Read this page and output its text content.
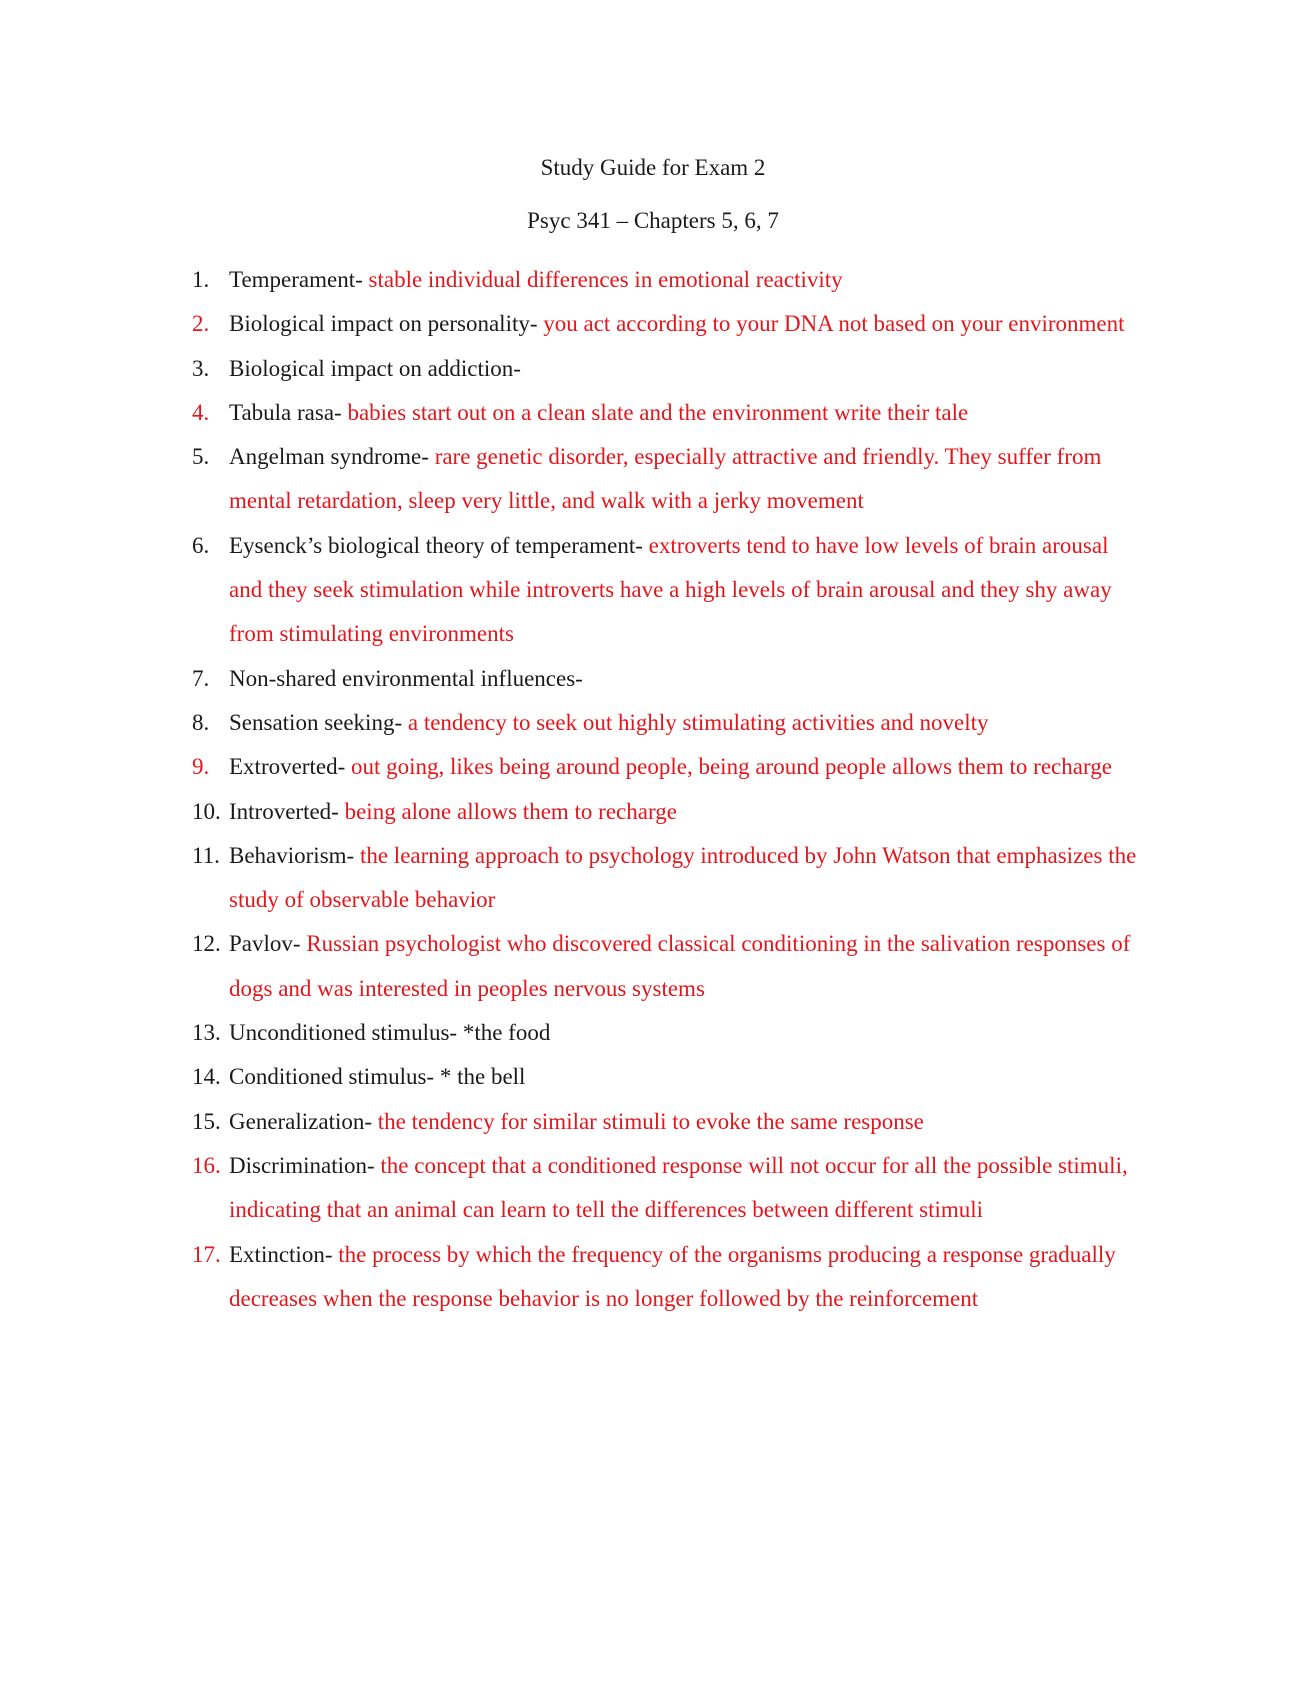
Study Guide for Exam 2
Psyc 341 – Chapters 5, 6, 7
1. Temperament- stable individual differences in emotional reactivity
2. Biological impact on personality- you act according to your DNA not based on your environment
3. Biological impact on addiction-
4. Tabula rasa- babies start out on a clean slate and the environment write their tale
5. Angelman syndrome- rare genetic disorder, especially attractive and friendly. They suffer from mental retardation, sleep very little, and walk with a jerky movement
6. Eysenck’s biological theory of temperament- extroverts tend to have low levels of brain arousal and they seek stimulation while introverts have a high levels of brain arousal and they shy away from stimulating environments
7. Non-shared environmental influences-
8. Sensation seeking- a tendency to seek out highly stimulating activities and novelty
9. Extroverted- out going, likes being around people, being around people allows them to recharge
10. Introverted- being alone allows them to recharge
11. Behaviorism- the learning approach to psychology introduced by John Watson that emphasizes the study of observable behavior
12. Pavlov- Russian psychologist who discovered classical conditioning in the salivation responses of dogs and was interested in peoples nervous systems
13. Unconditioned stimulus- *the food
14. Conditioned stimulus- * the bell
15. Generalization- the tendency for similar stimuli to evoke the same response
16. Discrimination- the concept that a conditioned response will not occur for all the possible stimuli, indicating that an animal can learn to tell the differences between different stimuli
17. Extinction- the process by which the frequency of the organisms producing a response gradually decreases when the response behavior is no longer followed by the reinforcement
